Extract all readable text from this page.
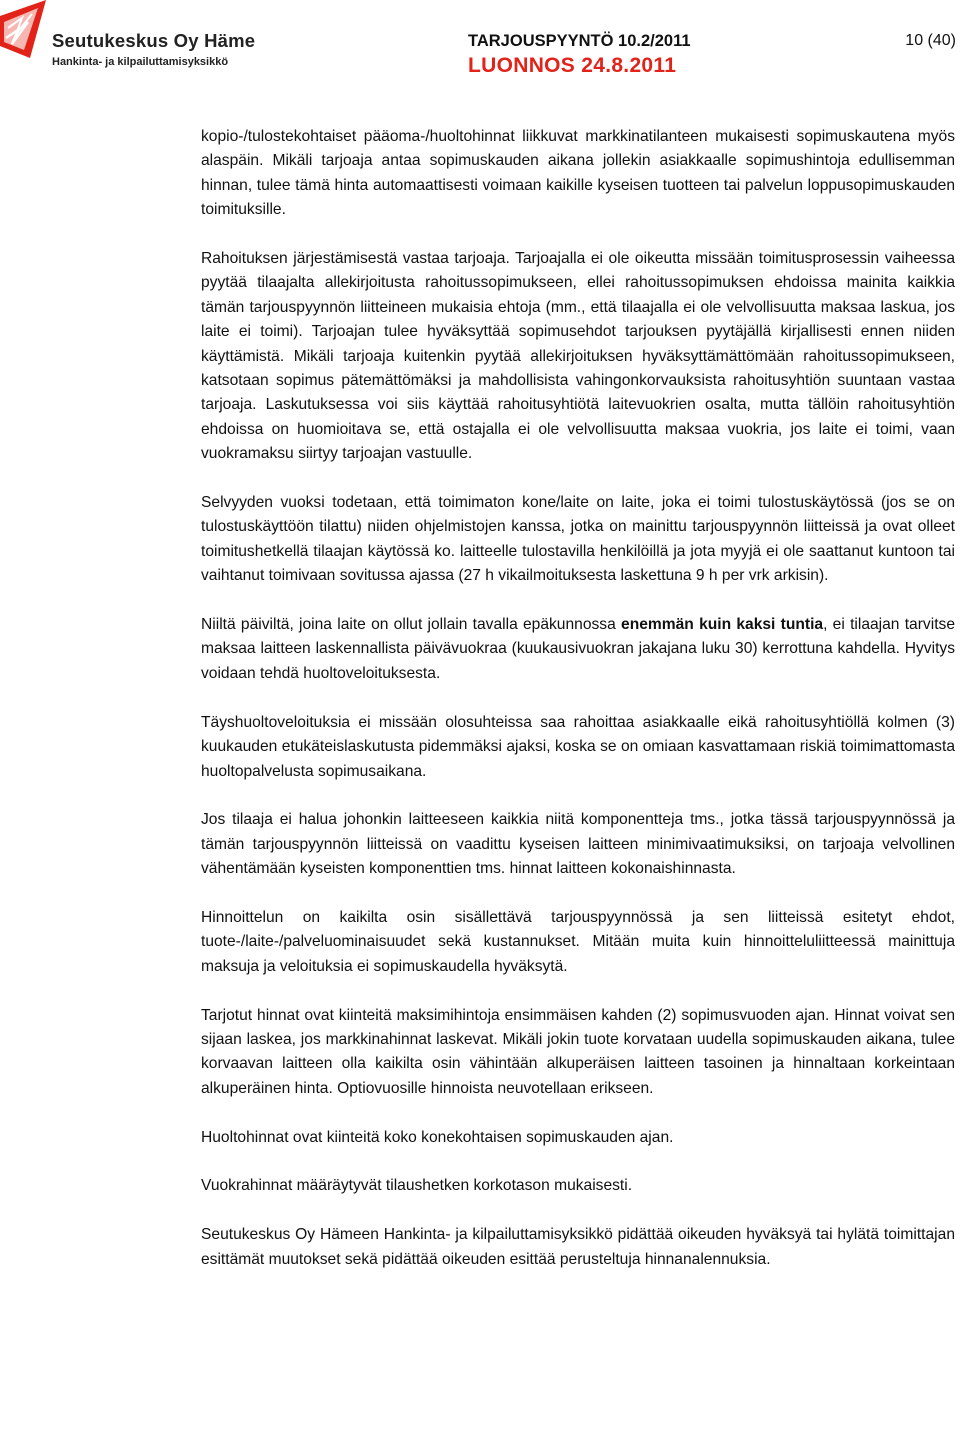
Seutukeskus Oy Häme
Hankinta- ja kilpailuttamisyksikkö
TARJOUSPYYNTÖ 10.2/2011
LUONNOS 24.8.2011
10 (40)

kopio-/tulostekohtaiset pääoma-/huoltohinnat liikkuvat markkinatilanteen mukaisesti sopimuskautena myös alaspäin. Mikäli tarjoaja antaa sopimuskauden aikana jollekin asiakkaalle sopimushintoja edullisemman hinnan, tulee tämä hinta automaattisesti voimaan kaikille kyseisen tuotteen tai palvelun loppusopimuskauden toimituksille.

Rahoituksen järjestämisestä vastaa tarjoaja. Tarjoajalla ei ole oikeutta missään toimitusprosessin vaiheessa pyytää tilaajalta allekirjoitusta rahoitussopimukseen, ellei rahoitussopimuksen ehdoissa mainita kaikkia tämän tarjouspyynnön liitteineen mukaisia ehtoja (mm., että tilaajalla ei ole velvollisuutta maksaa laskua, jos laite ei toimi). Tarjoajan tulee hyväksyttää sopimusehdot tarjouksen pyytäjällä kirjallisesti ennen niiden käyttämistä. Mikäli tarjoaja kuitenkin pyytää allekirjoituksen hyväksyttämättömään rahoitussopimukseen, katsotaan sopimus pätemättömäksi ja mahdollisista vahingonkorvauksista rahoitusyhtiön suuntaan vastaa tarjoaja. Laskutuksessa voi siis käyttää rahoitusyhtiötä laitevuokrien osalta, mutta tällöin rahoitusyhtiön ehdoissa on huomioitava se, että ostajalla ei ole velvollisuutta maksaa vuokria, jos laite ei toimi, vaan vuokramaksu siirtyy tarjoajan vastuulle.

Selvyyden vuoksi todetaan, että toimimaton kone/laite on laite, joka ei toimi tulostuskäytössä (jos se on tulostuskäyttöön tilattu) niiden ohjelmistojen kanssa, jotka on mainittu tarjouspyynnön liitteissä ja ovat olleet toimitushetkellä tilaajan käytössä ko. laitteelle tulostavilla henkilöillä ja jota myyjä ei ole saattanut kuntoon tai vaihtanut toimivaan sovitussa ajassa (27 h vikailmoituksesta laskettuna 9 h per vrk arkisin).

Niiltä päiviltä, joina laite on ollut jollain tavalla epäkunnossa enemmän kuin kaksi tuntia, ei tilaajan tarvitse maksaa laitteen laskennallista päivävuokraa (kuukausivuokran jakajana luku 30) kerrottuna kahdella. Hyvitys voidaan tehdä huoltoveloituksesta.

Täyshuoltoveloituksia ei missään olosuhteissa saa rahoittaa asiakkaalle eikä rahoitusyhtiöllä kolmen (3) kuukauden etukäteislaskutusta pidemmäksi ajaksi, koska se on omiaan kasvattamaan riskiä toimimattomasta huoltopalvelusta sopimusaikana.

Jos tilaaja ei halua johonkin laitteeseen kaikkia niitä komponentteja tms., jotka tässä tarjouspyynnössä ja tämän tarjouspyynnön liitteissä on vaadittu kyseisen laitteen minimivaatimuksiksi, on tarjoaja velvollinen vähentämään kyseisten komponenttien tms. hinnat laitteen kokonaishinnasta.

Hinnoittelun on kaikilta osin sisällettävä tarjouspyynnössä ja sen liitteissä esitetyt ehdot, tuote-/laite-/palveluominaisuudet sekä kustannukset. Mitään muita kuin hinnoitteluliitteessä mainittuja maksuja ja veloituksia ei sopimuskaudella hyväksytä.

Tarjotut hinnat ovat kiinteitä maksimihintoja ensimmäisen kahden (2) sopimusvuoden ajan. Hinnat voivat sen sijaan laskea, jos markkinahinnat laskevat. Mikäli jokin tuote korvataan uudella sopimuskauden aikana, tulee korvaavan laitteen olla kaikilta osin vähintään alkuperäisen laitteen tasoinen ja hinnaltaan korkeintaan alkuperäinen hinta. Optiovuosille hinnoista neuvotellaan erikseen.

Huoltohinnat ovat kiinteitä koko konekohtaisen sopimuskauden ajan.

Vuokrahinnat määräytyvät tilaushetken korkotason mukaisesti.

Seutukeskus Oy Hämeen Hankinta- ja kilpailuttamisyksikkö pidättää oikeuden hyväksyä tai hylätä toimittajan esittämät muutokset sekä pidättää oikeuden esittää perusteltuja hinnanalennuksia.
